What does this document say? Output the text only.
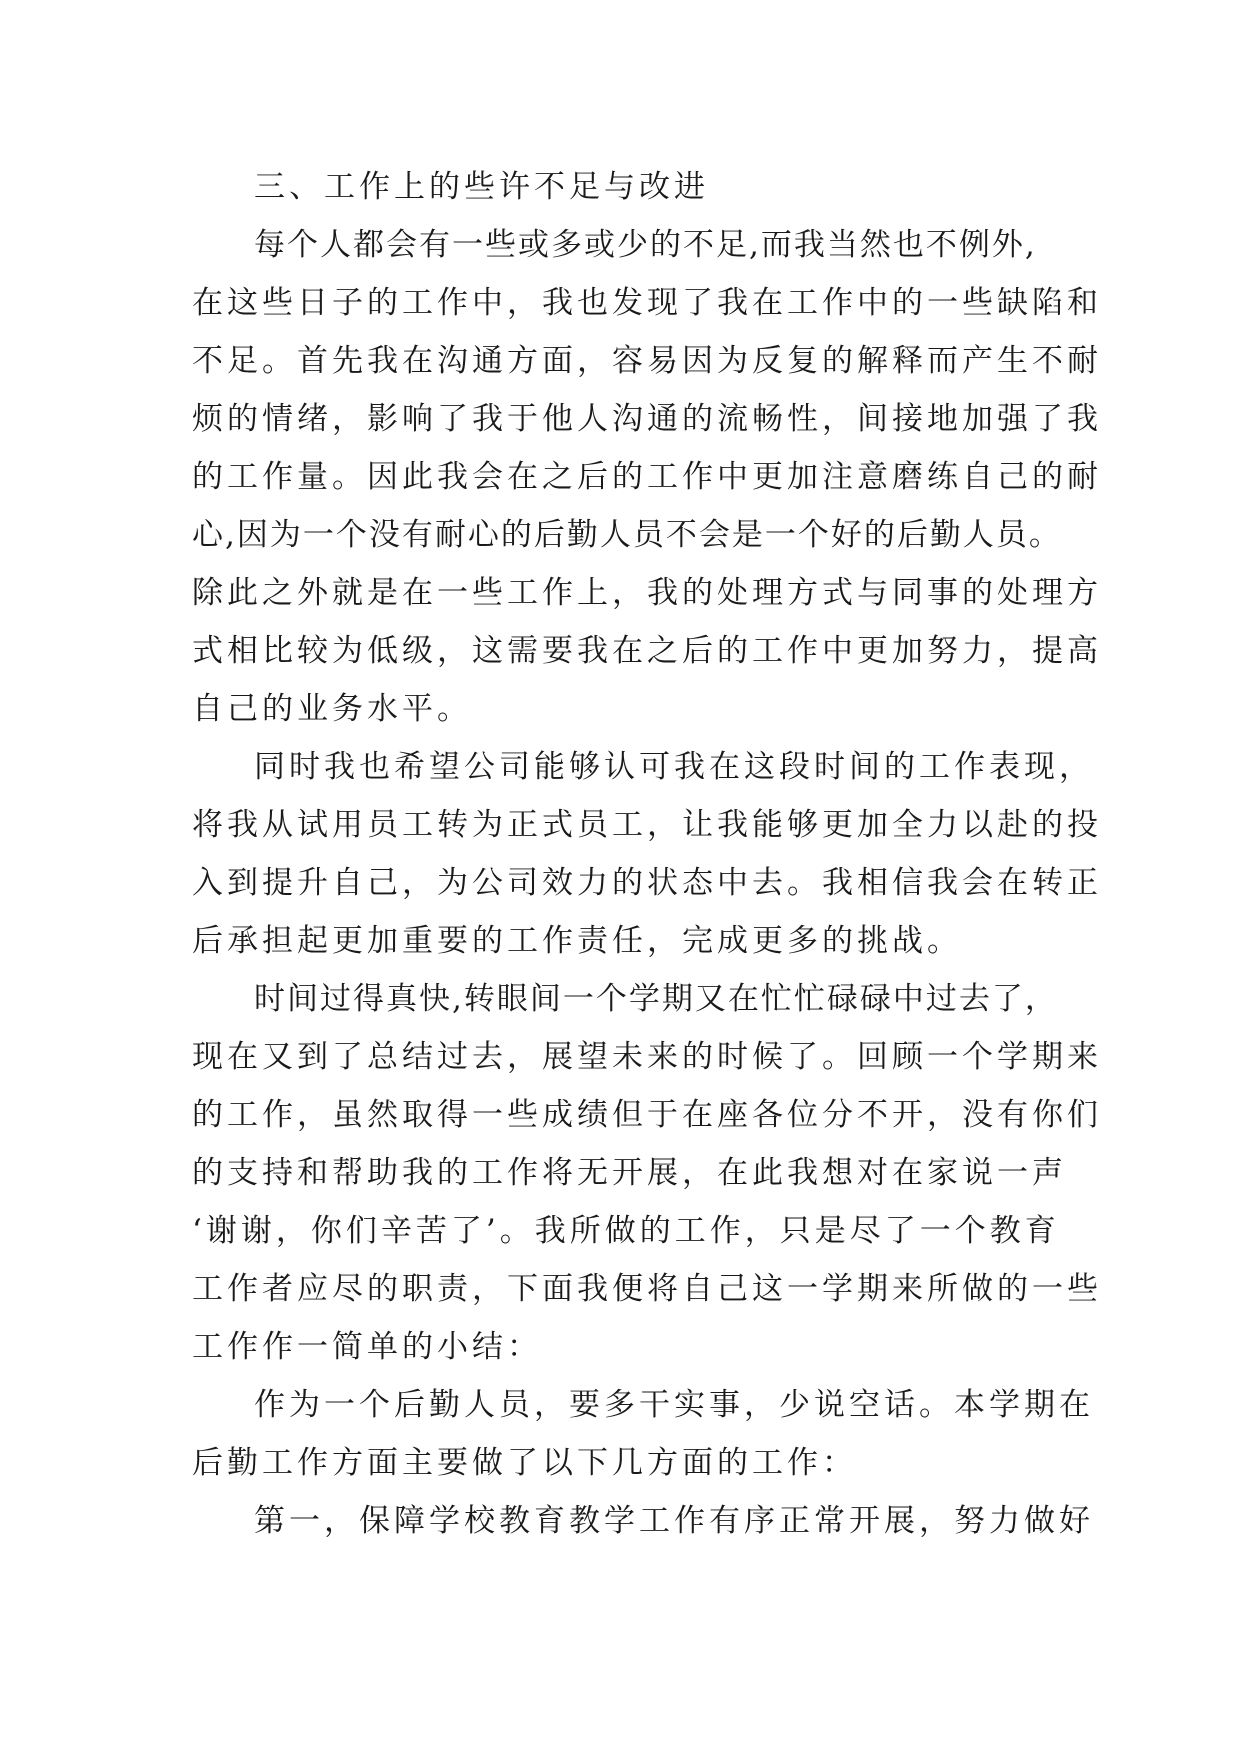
三、工作上的些许不足与改进
每个人都会有一些或多或少的不足,而我当然也不例外,
在这些日子的工作中，我也发现了我在工作中的一些缺陷和
不足。首先我在沟通方面，容易因为反复的解释而产生不耐
烦的情绪，影响了我于他人沟通的流畅性，间接地加强了我
的工作量。因此我会在之后的工作中更加注意磨练自己的耐
心,因为一个没有耐心的后勤人员不会是一个好的后勤人员。
除此之外就是在一些工作上，我的处理方式与同事的处理方
式相比较为低级，这需要我在之后的工作中更加努力，提高
自己的业务水平。
同时我也希望公司能够认可我在这段时间的工作表现，
将我从试用员工转为正式员工，让我能够更加全力以赴的投
入到提升自己，为公司效力的状态中去。我相信我会在转正
后承担起更加重要的工作责任，完成更多的挑战。
时间过得真快,转眼间一个学期又在忙忙碌碌中过去了，
现在又到了总结过去，展望未来的时候了。回顾一个学期来
的工作，虽然取得一些成绩但于在座各位分不开，没有你们
的支持和帮助我的工作将无开展，在此我想对在家说一声
‘谢谢，你们辛苦了’。我所做的工作，只是尽了一个教育
工作者应尽的职责，下面我便将自己这一学期来所做的一些
工作作一简单的小结：
作为一个后勤人员，要多干实事，少说空话。本学期在
后勤工作方面主要做了以下几方面的工作：
第一，保障学校教育教学工作有序正常开展，努力做好
